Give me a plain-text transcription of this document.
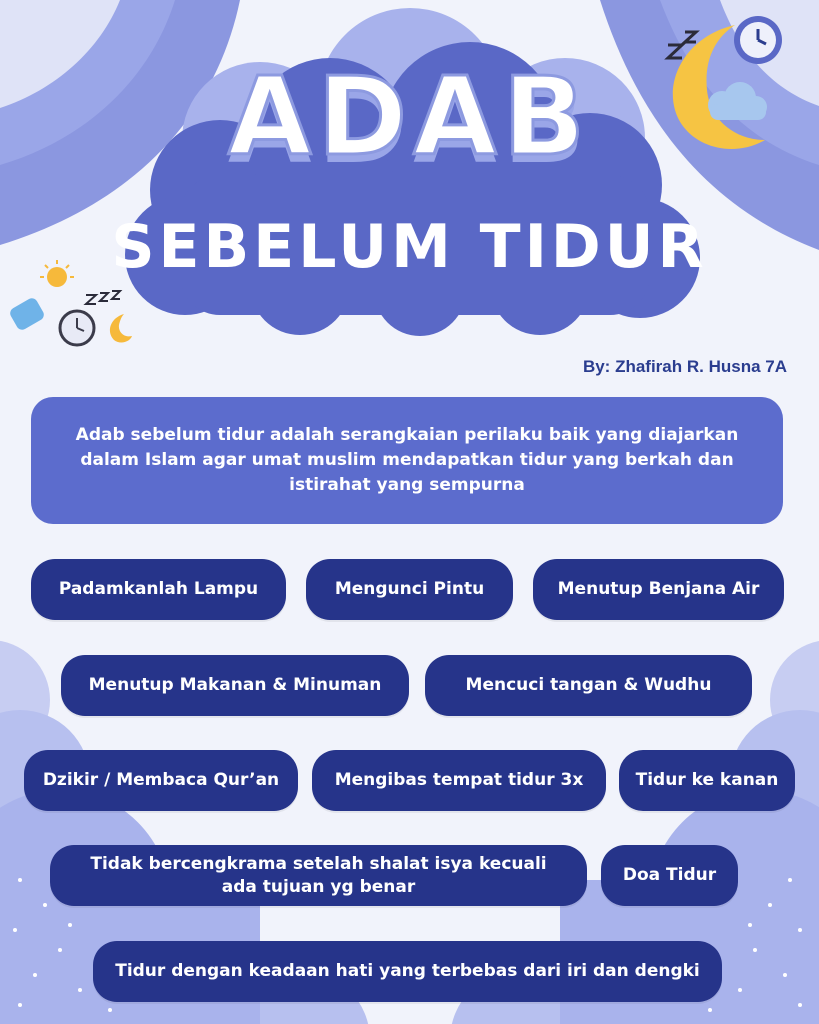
ADAB
SEBELUM TIDUR
By: Zhafirah R. Husna 7A
Adab sebelum tidur adalah serangkaian perilaku baik yang diajarkan dalam Islam agar umat muslim mendapatkan tidur yang berkah dan istirahat yang sempurna
Padamkanlah Lampu	Mengunci Pintu	Menutup Benjana Air
Menutup Makanan & Minuman	Mencuci tangan & Wudhu
Dzikir / Membaca Qur’an	Mengibas tempat tidur 3x	Tidur ke kanan
Tidak bercengkrama setelah shalat isya kecuali ada tujuan yg benar
Doa Tidur
Tidur dengan keadaan hati yang terbebas dari iri dan dengki
